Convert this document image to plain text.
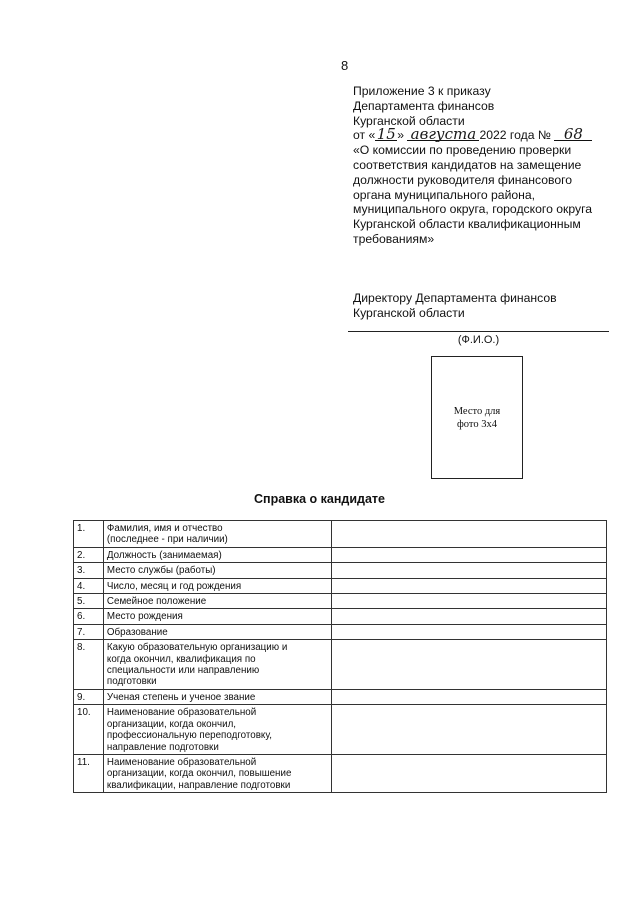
8
Приложение 3 к приказу
Департамента финансов
Курганской области
от «15» августа 2022 года № 68
«О комиссии по проведению проверки
соответствия кандидатов на замещение
должности руководителя финансового
органа муниципального района,
муниципального округа, городского округа
Курганской области квалификационным
требованиям»
Директору Департамента финансов
Курганской области
(Ф.И.О.)
Место для
фото 3х4
Справка о кандидате
1.	Фамилия, имя и отчество
(последнее - при наличии)	

2.	Должность (занимаемая)	

3.	Место службы (работы)	

4.	Число, месяц и год рождения	

5.	Семейное положение	

6.	Место рождения	

7.	Образование	

8.	Какую образовательную организацию и
когда окончил, квалификация по
специальности или направлению
подготовки	

9.	Ученая степень и ученое звание	

10.	Наименование образовательной
организации, когда окончил,
профессиональную переподготовку,
направление подготовки	

11.	Наименование образовательной
организации, когда окончил, повышение
квалификации, направление подготовки	
